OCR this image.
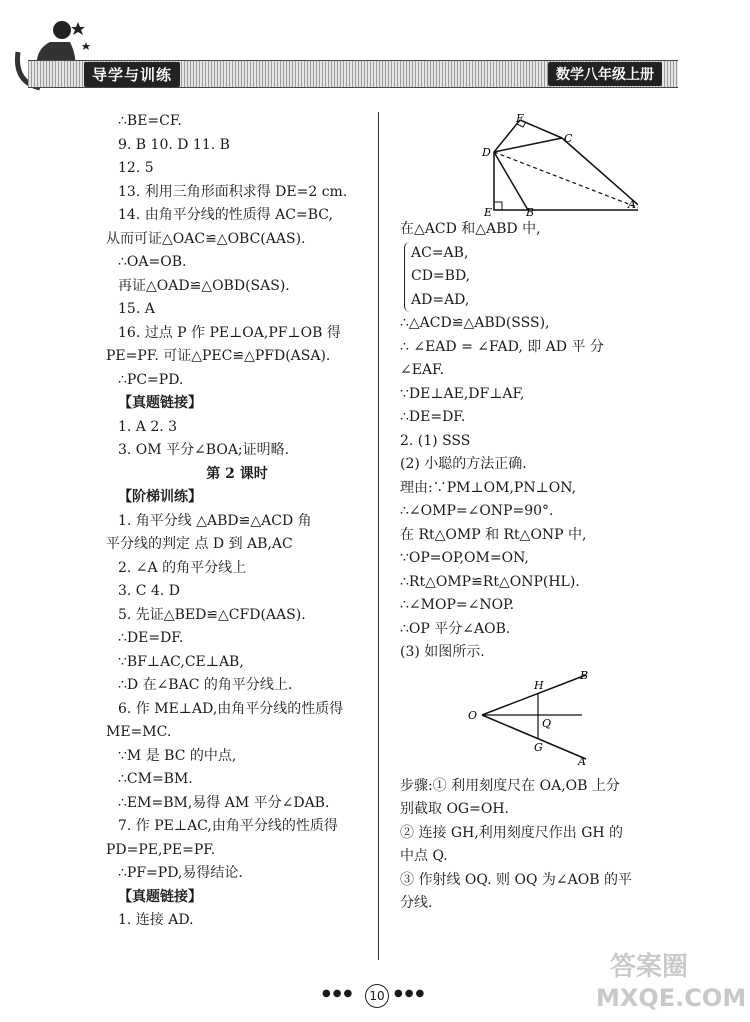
导学与训练	数学八年级上册
∴BE=CF.
9. B 10. D 11. B
12. 5
13. 利用三角形面积求得 DE=2 cm.
14. 由角平分线的性质得 AC=BC,
从而可证△OAC≌△OBC(AAS).
∴OA=OB.
再证△OAD≌△OBD(SAS).
15. A
16. 过点 P 作 PE⊥OA,PF⊥OB 得
PE=PF. 可证△PEC≌△PFD(ASA).
∴PC=PD.
【真题链接】
1. A 2. 3
3. OM 平分∠BOA;证明略.
第 2 课时
【阶梯训练】
1. 角平分线 △ABD≌△ACD 角
平分线的判定 点 D 到 AB,AC
2. ∠A 的角平分线上
3. C 4. D
5. 先证△BED≌△CFD(AAS).
∴DE=DF.
∵BF⊥AC,CE⊥AB,
∴D 在∠BAC 的角平分线上.
6. 作 ME⊥AD,由角平分线的性质得
ME=MC.
∵M 是 BC 的中点,
∴CM=BM.
∴EM=BM,易得 AM 平分∠DAB.
7. 作 PE⊥AC,由角平分线的性质得
PD=PE,PE=PF.
∴PF=PD,易得结论.
【真题链接】
1. 连接 AD.
F
C
D
E	B
A
在△ACD 和△ABD 中,
AC=AB,
CD=BD,
AD=AD,
∴△ACD≌△ABD(SSS),
∴ ∠EAD = ∠FAD, 即 AD 平 分
∠EAF.
∵DE⊥AE,DF⊥AF,
∴DE=DF.
2. (1) SSS
(2) 小聪的方法正确.
理由:∵PM⊥OM,PN⊥ON,
∴∠OMP=∠ONP=90°.
在 Rt△OMP 和 Rt△ONP 中,
∵OP=OP,OM=ON,
∴Rt△OMP≌Rt△ONP(HL).
∴∠MOP=∠NOP.
∴OP 平分∠AOB.
(3) 如图所示.
B
H
O
Q
G
A
步骤:① 利用刻度尺在 OA,OB 上分
别截取 OG=OH.
② 连接 GH,利用刻度尺作出 GH 的
中点 Q.
③ 作射线 OQ. 则 OQ 为∠AOB 的平
分线.
●●●	10 ●●●
答案圈
MXQE.COM
